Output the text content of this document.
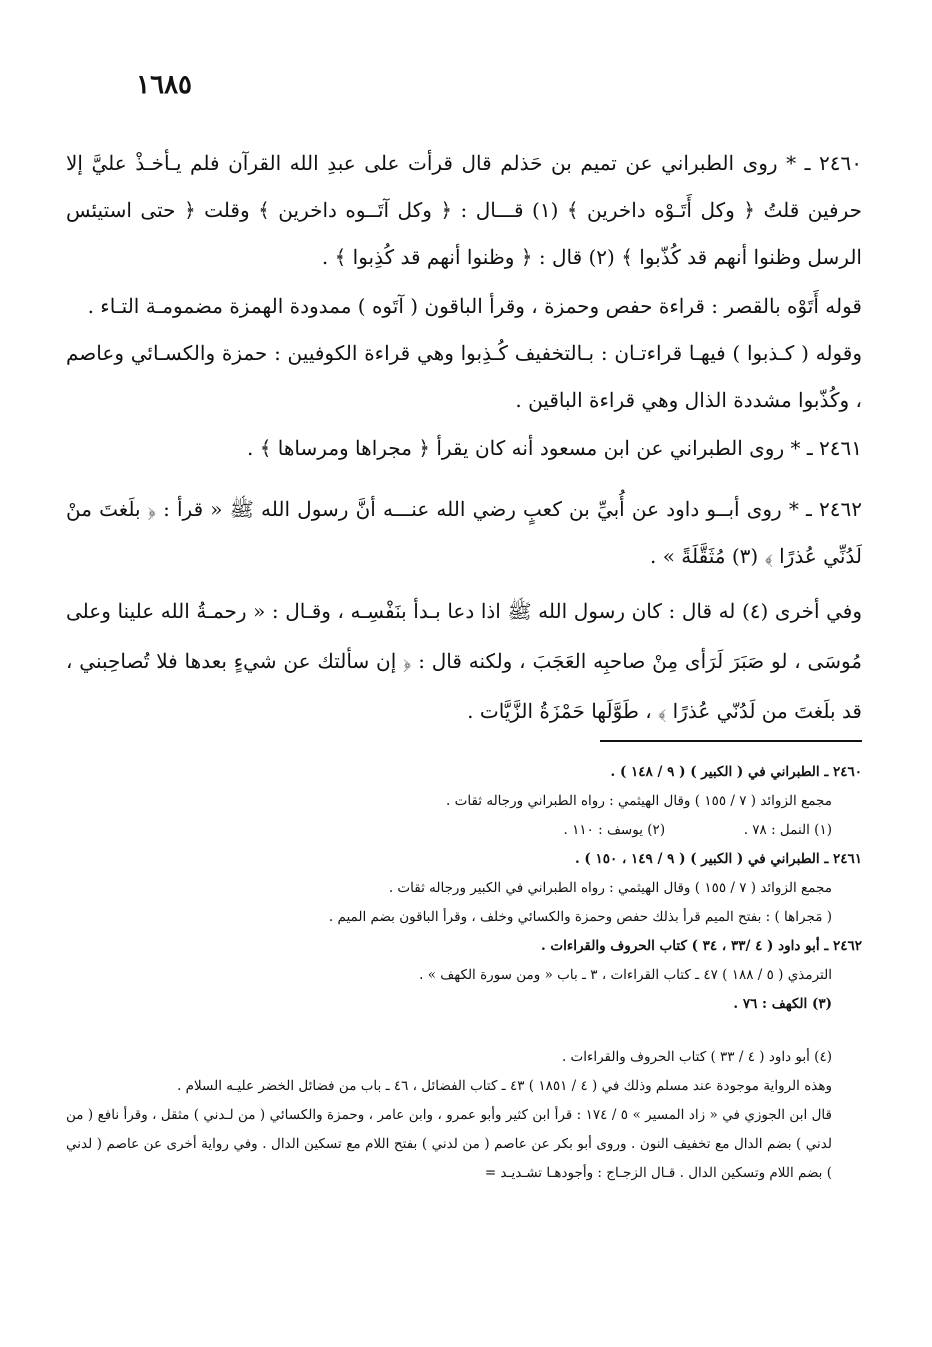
١٦٨٥

٢٤٦٠ ـ * روى الطبراني عن تميم بن حَذلم قال قرأت على عبدِ الله القرآن فلم يـأخـذْ عليَّ إلا حرفين قلتُ ﴿ وكل أَتَـوْه داخرين ﴾ (١) قـــال : ﴿ وكل آتَــوه داخرين ﴾ وقلت ﴿ حتى استيئس الرسل وظنوا أنهم قد كُذّبوا ﴾ (٢) قال : ﴿ وظنوا أنهم قد كُذِبوا ﴾ .

قوله أَتَوْه بالقصر : قراءة حفص وحمزة ، وقرأ الباقون ( آتَوه ) ممدودة الهمزة مضمومـة التـاء .

وقوله ( كـذبوا ) فيهـا قراءتـان : بـالتخفيف كُـذِبوا وهي قراءة الكوفيين : حمزة والكسـائي وعاصم ، وكُذّبوا مشددة الذال وهي قراءة الباقين .

٢٤٦١ ـ * روى الطبراني عن ابن مسعود أنه كان يقرأ ﴿ مجراها ومرساها ﴾ .

٢٤٦٢ ـ * روى أبــو داود عن أُبيِّ بن كعبٍ رضي الله عنـــه أنَّ رسول الله ﷺ « قرأ : ﴿ بلَغتَ منْ لَدُنِّي عُذرًا ﴾ (٣) مُثَقَّلَةً » .

وفي أخرى (٤) له قال : كان رسول الله ﷺ اذا دعا بـدأ بنَفْسِـه ، وقـال : « رحمـةُ الله علينا وعلى مُوسَى ، لو صَبَرَ لَرَأى مِنْ صاحبِه العَجَبَ ، ولكنه قال : ﴿ إن سألتك عن شيءٍ بعدها فلا تُصاحِبني ، قد بلَغتَ من لَدُنّي عُذرًا ﴾ ، طَوَّلَها حَمْزَةُ الزَّيَّات .

٢٤٦٠ ـ الطبراني في ( الكبير ) ( ٩ / ١٤٨ ) .
مجمع الزوائد ( ٧ / ١٥٥ ) وقال الهيثمي : رواه الطبراني ورجاله ثقات .
(١) النمل : ٧٨ .  (٢) يوسف : ١١٠ .
٢٤٦١ ـ الطبراني في ( الكبير ) ( ٩ / ١٤٩ ، ١٥٠ ) .
مجمع الزوائد ( ٧ / ١٥٥ ) وقال الهيثمي : رواه الطبراني في الكبير ورجاله ثقات .
( مَجراها ) : بفتح الميم قرأ بذلك حفص وحمزة والكسائي وخلف ، وقرأ الباقون بضم الميم .
٢٤٦٢ ـ أبو داود ( ٤ /٣٣ ، ٣٤ ) كتاب الحروف والقراءات .
الترمذي ( ٥ / ١٨٨ ) ٤٧ ـ كتاب القراءات ، ٣ ـ باب « ومن سورة الكهف » .
(٣) الكهف : ٧٦ .
(٤) أبو داود ( ٤ / ٣٣ ) كتاب الحروف والقراءات .
وهذه الرواية موجودة عند مسلم وذلك في ( ٤ / ١٨٥١ ) ٤٣ ـ كتاب الفضائل ، ٤٦ ـ باب من فضائل الخضر عليـه السلام .
قال ابن الجوزي في « زاد المسير » ٥ / ١٧٤ : قرأ ابن كثير وأبو عمرو ، وابن عامر ، وحمزة والكسائي ( من لـدني ) مثقل ، وقرأ نافع ( من لدني ) بضم الدال مع تخفيف النون . وروى أبو بكر عن عاصم ( من لدني ) بفتح اللام مع تسكين الدال . وفي رواية أخرى عن عاصم ( لدني ) بضم اللام وتسكين الدال . قـال الزجـاج : وأجودهـا تشـديـد =
